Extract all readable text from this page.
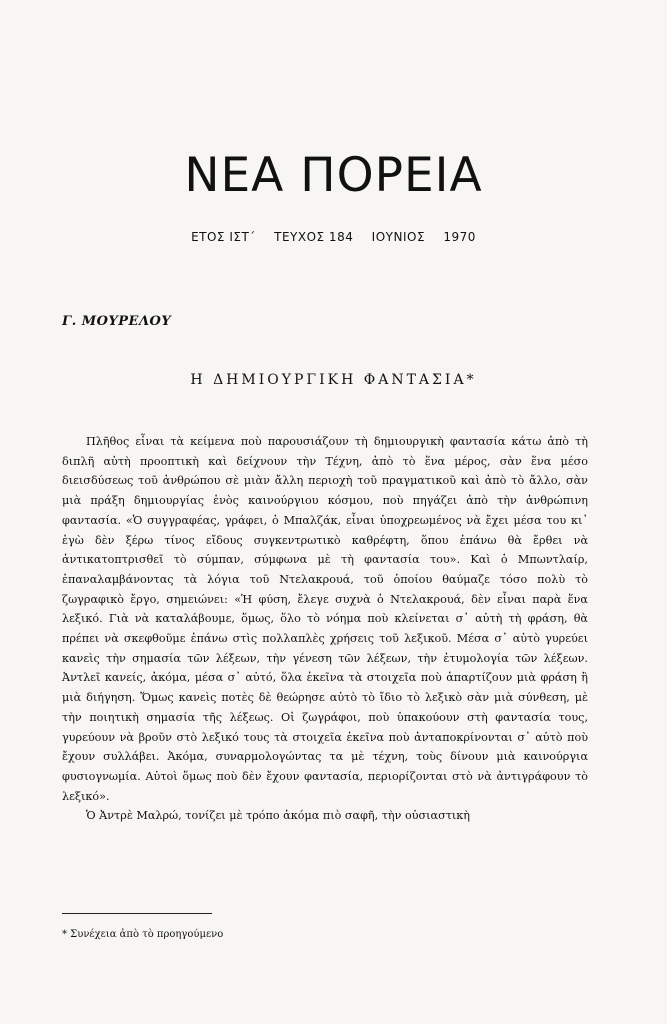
ΝΕΑ ΠΟΡΕΙΑ
ΕΤΟΣ ΙΣΤ΄ ΤΕΥΧΟΣ 184 ΙΟΥΝΙΟΣ 1970
Γ. ΜΟΥΡΕΛΟΥ
Η ΔΗΜΙΟΥΡΓΙΚΗ ΦΑΝΤΑΣΙΑ*

Πλῆθος εἶναι τὰ κείμενα ποὺ παρουσιάζουν τὴ δημιουργικὴ φαντασία κάτω ἀπὸ τὴ διπλῆ αὐτὴ προοπτικὴ καὶ δείχνουν τὴν Τέχνη, ἀπὸ τὸ ἕνα μέρος, σὰν ἕνα μέσο διεισδύσεως τοῦ ἀνθρώπου σὲ μιὰν ἄλλη περιοχὴ τοῦ πραγματικοῦ καὶ ἀπὸ τὸ ἄλλο, σὰν μιὰ πράξη δημιουργίας ἑνὸς καινούργιου κόσμου, ποὺ πηγάζει ἀπὸ τὴν ἀνθρώπινη φαντασία. «Ὁ συγγραφέας, γράφει, ὁ Μπαλζάκ, εἶναι ὑποχρεωμένος νὰ ἔχει μέσα του κι᾽ ἐγὼ δὲν ξέρω τίνος εἴδους συγκεντρωτικὸ καθρέφτη, ὅπου ἐπάνω θὰ ἔρθει νὰ ἀντικατοπτρισθεῖ τὸ σύμπαν, σύμφωνα μὲ τὴ φαντασία του». Καὶ ὁ Μπωντλαίρ, ἐπαναλαμβάνοντας τὰ λόγια τοῦ Ντελακρουά, τοῦ ὁποίου θαύμαζε τόσο πολὺ τὸ ζωγραφικὸ ἔργο, σημειώνει: «Ἡ φύση, ἔλεγε συχνὰ ὁ Ντελακρουά, δὲν εἶναι παρὰ ἕνα λεξικό. Γιὰ νὰ καταλάβουμε, ὅμως, ὅλο τὸ νόημα ποὺ κλείνεται σ᾽ αὐτὴ τὴ φράση, θὰ πρέπει νὰ σκεφθοῦμε ἐπάνω στὶς πολλαπλὲς χρήσεις τοῦ λεξικοῦ. Μέσα σ᾽ αὐτὸ γυρεύει κανεὶς τὴν σημασία τῶν λέξεων, τὴν γένεση τῶν λέξεων, τὴν ἐτυμολογία τῶν λέξεων. Ἀντλεῖ κανείς, ἀκόμα, μέσα σ᾽ αὐτό, ὅλα ἐκεῖνα τὰ στοιχεῖα ποὺ ἀπαρτίζουν μιὰ φράση ἢ μιὰ διήγηση. Ὅμως κανεὶς ποτὲς δὲ θεώρησε αὐτὸ τὸ ἴδιο τὸ λεξικὸ σὰν μιὰ σύνθεση, μὲ τὴν ποιητικὴ σημασία τῆς λέξεως. Οἱ ζωγράφοι, ποὺ ὑπακούουν στὴ φαντασία τους, γυρεύουν νὰ βροῦν στὸ λεξικό τους τὰ στοιχεῖα ἐκεῖνα ποὺ ἀνταποκρίνονται σ᾽ αὐτὸ ποὺ ἔχουν συλλάβει. Ἀκόμα, συναρμολογώντας τα μὲ τέχνη, τοὺς δίνουν μιὰ καινούργια φυσιογνωμία. Αὐτοὶ ὅμως ποὺ δὲν ἔχουν φαντασία, περιορίζονται στὸ νὰ ἀντιγράφουν τὸ λεξικό».

Ὁ Ἀντρὲ Μαλρώ, τονίζει μὲ τρόπο ἀκόμα πιὸ σαφῆ, τὴν οὐσιαστικὴ

* Συνέχεια ἀπὸ τὸ προηγούμενο
